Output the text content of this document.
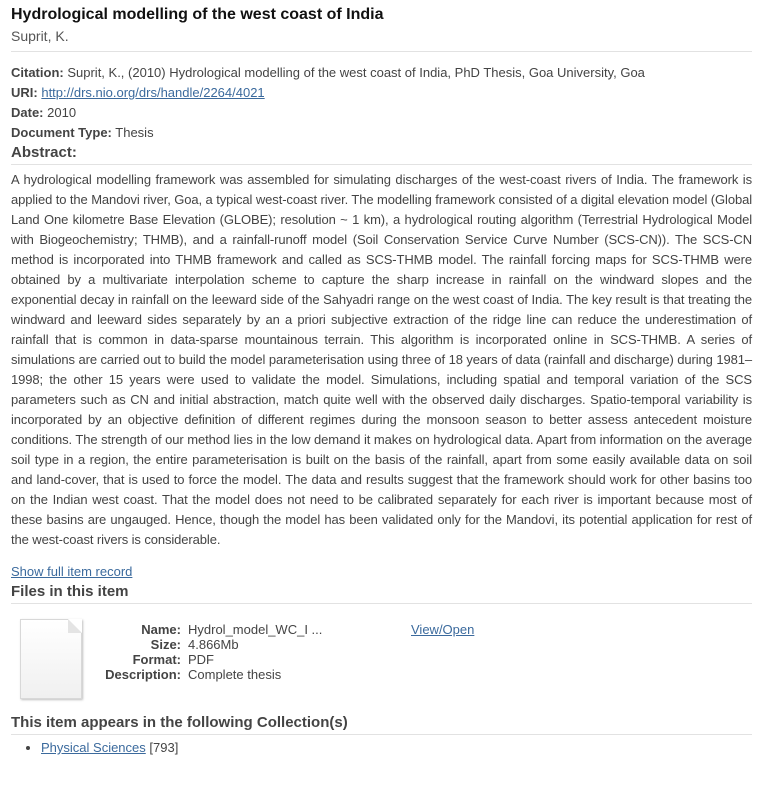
Hydrological modelling of the west coast of India
Suprit, K.
Citation: Suprit, K., (2010) Hydrological modelling of the west coast of India, PhD Thesis, Goa University, Goa
URI: http://drs.nio.org/drs/handle/2264/4021
Date: 2010
Document Type: Thesis
Abstract:
A hydrological modelling framework was assembled for simulating discharges of the west-coast rivers of India. The framework is applied to the Mandovi river, Goa, a typical west-coast river. The modelling framework consisted of a digital elevation model (Global Land One kilometre Base Elevation (GLOBE); resolution ~ 1 km), a hydrological routing algorithm (Terrestrial Hydrological Model with Biogeochemistry; THMB), and a rainfall-runoff model (Soil Conservation Service Curve Number (SCS-CN)). The SCS-CN method is incorporated into THMB framework and called as SCS-THMB model. The rainfall forcing maps for SCS-THMB were obtained by a multivariate interpolation scheme to capture the sharp increase in rainfall on the windward slopes and the exponential decay in rainfall on the leeward side of the Sahyadri range on the west coast of India. The key result is that treating the windward and leeward sides separately by an a priori subjective extraction of the ridge line can reduce the underestimation of rainfall that is common in data-sparse mountainous terrain. This algorithm is incorporated online in SCS-THMB. A series of simulations are carried out to build the model parameterisation using three of 18 years of data (rainfall and discharge) during 1981–1998; the other 15 years were used to validate the model. Simulations, including spatial and temporal variation of the SCS parameters such as CN and initial abstraction, match quite well with the observed daily discharges. Spatio-temporal variability is incorporated by an objective definition of different regimes during the monsoon season to better assess antecedent moisture conditions. The strength of our method lies in the low demand it makes on hydrological data. Apart from information on the average soil type in a region, the entire parameterisation is built on the basis of the rainfall, apart from some easily available data on soil and land-cover, that is used to force the model. The data and results suggest that the framework should work for other basins too on the Indian west coast. That the model does not need to be calibrated separately for each river is important because most of these basins are ungauged. Hence, though the model has been validated only for the Mandovi, its potential application for rest of the west-coast rivers is considerable.
Show full item record
Files in this item
Name: Hydrol_model_WC_I ...
Size: 4.866Mb
Format: PDF
Description: Complete thesis
View/Open
This item appears in the following Collection(s)
• Physical Sciences [793]
